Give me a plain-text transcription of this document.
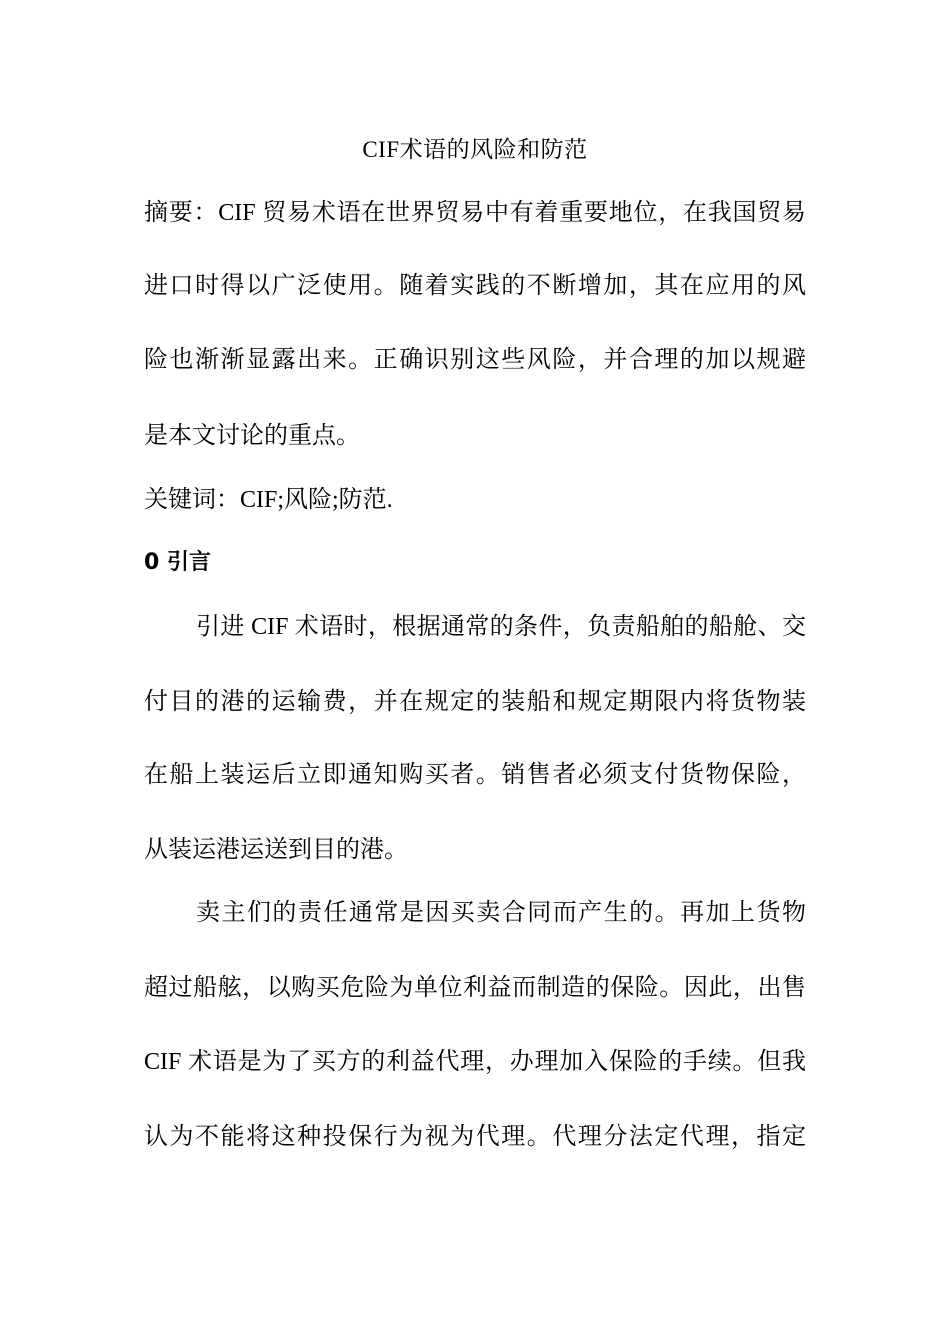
CIF术语的风险和防范
摘要：CIF 贸易术语在世界贸易中有着重要地位，在我国贸易
进口时得以广泛使用。随着实践的不断增加，其在应用的风
险也渐渐显露出来。正确识别这些风险，并合理的加以规避
是本文讨论的重点。
关键词：CIF;风险;防范.
0 引言
引进 CIF 术语时，根据通常的条件，负责船舶的船舱、交
付目的港的运输费，并在规定的装船和规定期限内将货物装
在船上装运后立即通知购买者。销售者必须支付货物保险，
从装运港运送到目的港。
卖主们的责任通常是因买卖合同而产生的。再加上货物
超过船舷，以购买危险为单位利益而制造的保险。因此，出售
CIF 术语是为了买方的利益代理，办理加入保险的手续。但我
认为不能将这种投保行为视为代理。代理分法定代理，指定
